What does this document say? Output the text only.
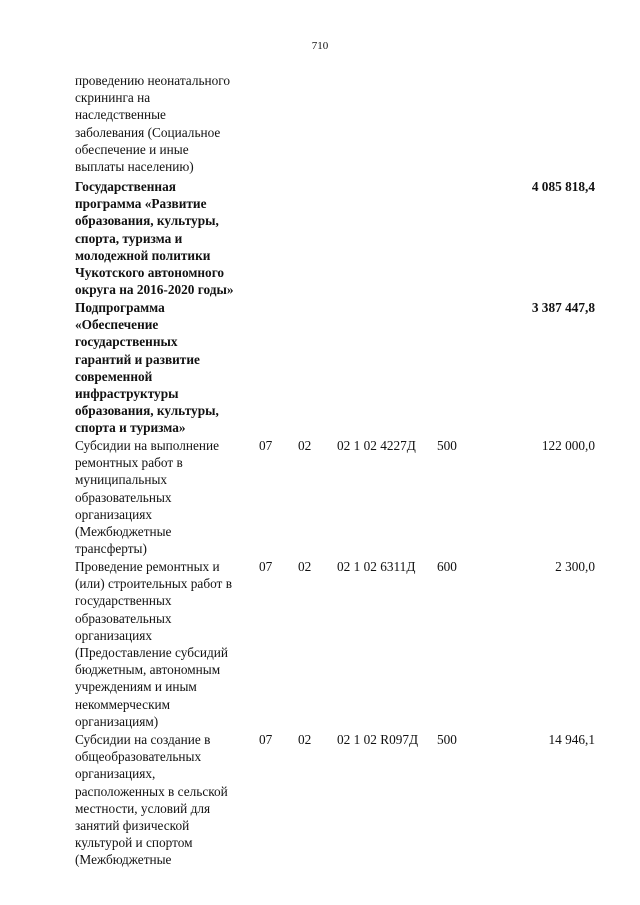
710
проведению неонатального
скрининга на
наследственные
заболевания (Социальное
обеспечение и иные
выплаты населению)
Государственная
программа «Развитие
образования, культуры,
спорта, туризма и
молодежной политики
Чукотского автономного
округа на 2016-2020 годы»
4 085 818,4
Подпрограмма
«Обеспечение
государственных
гарантий и развитие
современной
инфраструктуры
образования, культуры,
спорта и туризма»
3 387 447,8
Субсидии на выполнение
ремонтных работ в
муниципальных
образовательных
организациях
(Межбюджетные
трансферты)
07 02 02 1 02 4227Д 500	122 000,0
Проведение ремонтных и
(или) строительных работ в
государственных
образовательных
организациях
(Предоставление субсидий
бюджетным, автономным
учреждениям и иным
некоммерческим
организациям)
07 02 02 1 02 6311Д 600	2 300,0
Субсидии на создание в
общеобразовательных
организациях,
расположенных в сельской
местности, условий для
занятий физической
культурой и спортом
(Межбюджетные
07 02 02 1 02 R097Д 500	14 946,1
